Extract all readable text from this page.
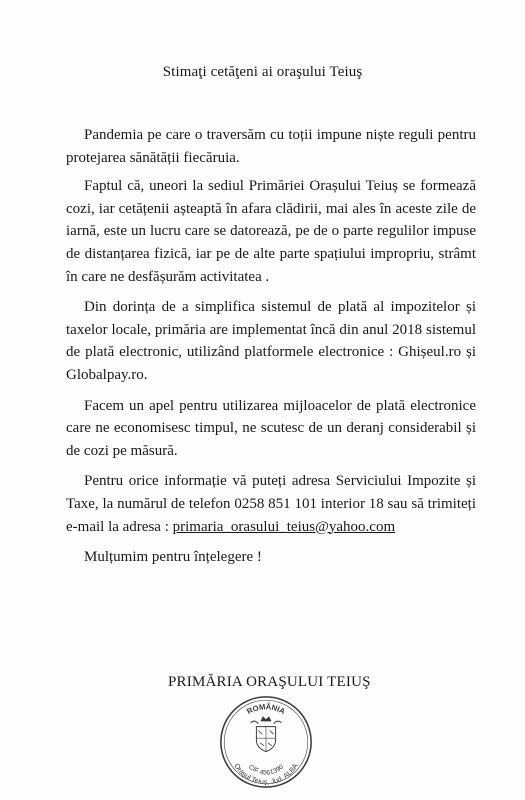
Stimaţi cetăţeni ai oraşului Teiuş

Pandemia pe care o traversăm cu toții impune niște reguli pentru protejarea sănătății fiecăruia.

Faptul că, uneori la sediul Primăriei Orașului Teiuș se formează cozi, iar cetățenii așteaptă în afara clădirii, mai ales în aceste zile de iarnă, este un lucru care se datorează, pe de o parte regulilor impuse de distanțarea fizică, iar pe de alte parte spațiului impropriu, strâmt în care ne desfășurăm activitatea .

Din dorința de a simplifica sistemul de plată al impozitelor și taxelor locale, primăria are implementat încă din anul 2018 sistemul de plată electronic, utilizând platformele electronice : Ghișeul.ro și Globalpay.ro.

Facem un apel pentru utilizarea mijloacelor de plată electronice care ne economisesc timpul, ne scutesc de un deranj considerabil și de cozi pe măsură.

Pentru orice informație vă puteți adresa Serviciului Impozite și Taxe, la numărul de telefon 0258 851 101 interior 18 sau să trimiteți e-mail la adresa : primaria_orasului_teius@yahoo.com

Mulțumim pentru înțelegere !

PRIMĂRIA ORAŞULUI TEIUŞ
ROMÂNIA
Oraşul Teiuş, Jud. ALBA
CIF 4561390
